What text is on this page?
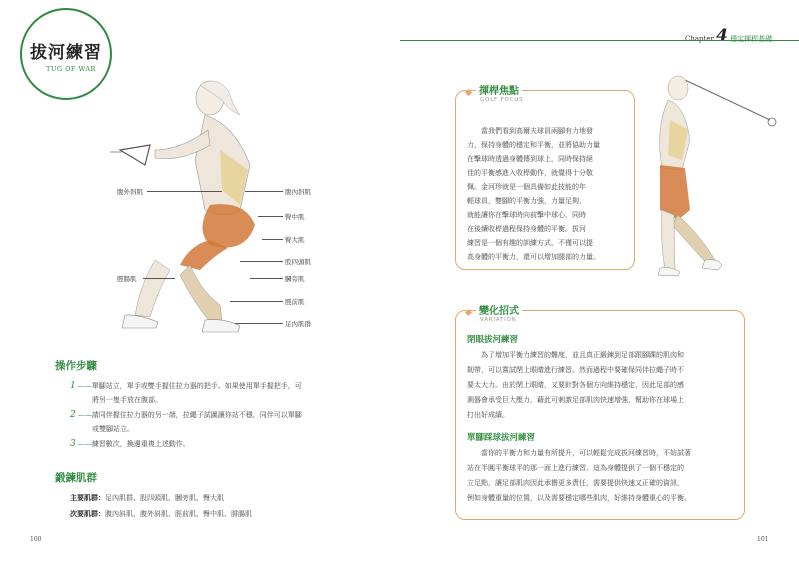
拔河練習
TUG OF WAR
腹外斜肌
脛腸肌
腹內斜肌
臀中肌
臀大肌
股四頭肌
膕旁肌
脛前肌
足內肌群
操作步驟
1 ——單腳站立，單手或雙手握住拉力器的把手。如果使用單手握把手，可
將另一隻手放在腹部。
2 ——請同伴握住拉力器的另一端，拉繩子試圖讓你站不穩，同伴可以單腳
或雙腳站立。
3 ——練習數次，換邊重複上述動作。
鍛鍊肌群
主要肌群：足內肌群、股四頭肌、膕旁肌、臀大肌
次要肌群：腹內斜肌、腹外斜肌、脛前肌、臀中肌、腓腸肌
100
Chapter 4 穩定揮桿基礎
揮桿焦點
GOLF FOCUS
　　當我們看到高爾夫球員兩腳有力地發
力，保持身體的穩定和平衡，並將協助力量
在擊球時透過身體傳到球上，同時保持絕
佳的平衡感進入收桿動作，就覺得十分敬
佩。金河珍就是一個具備如此技能的年
輕球員，雙腳的平衡力強，力量足夠，
就能讓你在擊球時向前擊中球心，同時
在後續收桿過程保持身體的平衡。拔河
練習是一個有趣的訓練方式，不僅可以提
高身體的平衡力，還可以增加腿部的力量。
變化招式
VARIATION
閉眼拔河練習
　　為了增加平衡力練習的難度，並且真正鍛鍊到足部跟腳踝的肌肉和
韌帶，可以嘗試閉上眼睛進行練習。然而過程中要確保同伴拉繩子時不
要太大力。由於閉上眼睛，又要針對各個方向維持穩定，因此足部的感
測器會承受巨大壓力，藉此可刺激足部肌肉快速增強，幫助你在球場上
打出好成績。
單腳踩球拔河練習
　　當你的平衡力和力量有所提升，可以輕鬆完成拔河練習時，不妨試著
站在半圓平衡球平的那一面上進行練習。這為身體提供了一個不穩定的
立足點，讓足部肌肉因此承擔更多責任，需要提供快速又正確的資訊，
例如身體重量的位置，以及需要穩定哪些肌肉，好維持身體重心的平衡。
101
